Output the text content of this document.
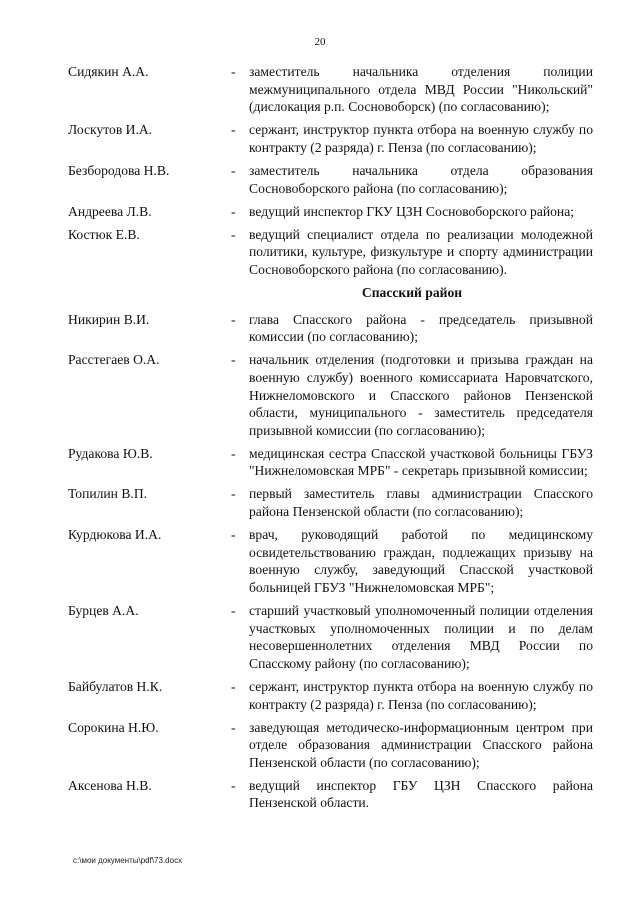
20
Сидякин А.А.	- заместитель начальника отделения полиции межмуниципального отдела МВД России "Никольский" (дислокация р.п. Сосновоборск) (по согласованию);
Лоскутов И.А.	- сержант, инструктор пункта отбора на военную службу по контракту (2 разряда) г. Пенза (по согласованию);
Безбородова Н.В.	- заместитель начальника отдела образования Сосновоборского района (по согласованию);
Андреева Л.В.	- ведущий инспектор ГКУ ЦЗН Сосновоборского района;
Костюк Е.В.	- ведущий специалист отдела по реализации молодежной политики, культуре, физкультуре и спорту администрации Сосновоборского района (по согласованию).
Спасский район
Никирин В.И.	- глава Спасского района - председатель призывной комиссии (по согласованию);
Расстегаев О.А.	- начальник отделения (подготовки и призыва граждан на военную службу) военного комиссариата Наровчатского, Нижнеломовского и Спасского районов Пензенской области, муниципального - заместитель председателя призывной комиссии (по согласованию);
Рудакова Ю.В.	- медицинская сестра Спасской участковой больницы ГБУЗ "Нижнеломовская МРБ" - секретарь призывной комиссии;
Топилин В.П.	- первый заместитель главы администрации Спасского района Пензенской области (по согласованию);
Курдюкова И.А.	- врач, руководящий работой по медицинскому освидетельствованию граждан, подлежащих призыву на военную службу, заведующий Спасской участковой больницей ГБУЗ "Нижнеломовская МРБ";
Бурцев А.А.	- старший участковый уполномоченный полиции отделения участковых уполномоченных полиции и по делам несовершеннолетних отделения МВД России по Спасскому району (по согласованию);
Байбулатов Н.К.	- сержант, инструктор пункта отбора на военную службу по контракту (2 разряда) г. Пенза (по согласованию);
Сорокина Н.Ю.	- заведующая методическо-информационным центром при отделе образования администрации Спасского района Пензенской области (по согласованию);
Аксенова Н.В.	- ведущий инспектор ГБУ ЦЗН Спасского района Пензенской области.
c:\мои документы\pdf\73.docx
